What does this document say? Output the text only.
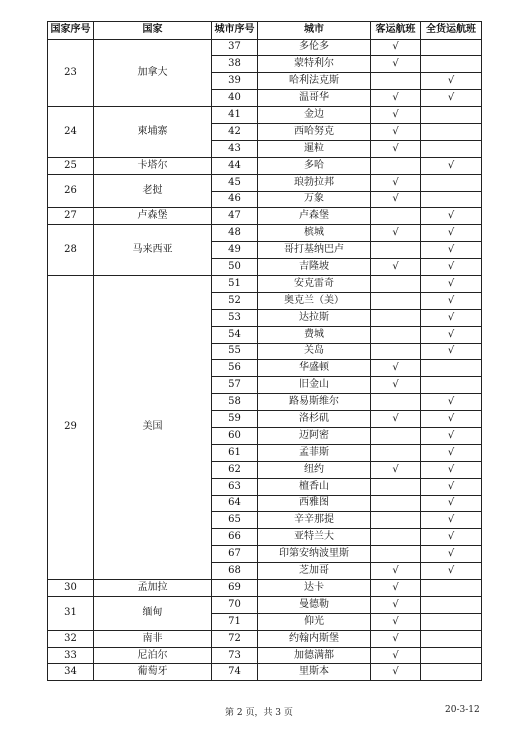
国家序号	国家	城市序号	城市	客运航班	全货运航班
23	加拿大	37	多伦多	√	
		38	蒙特利尔	√	
		39	哈利法克斯		√
		40	温哥华	√	√
24	柬埔寨	41	金边	√	
		42	西哈努克	√	
		43	暹粒	√	
25	卡塔尔	44	多哈		√
26	老挝	45	琅勃拉邦	√	
		46	万象	√	
27	卢森堡	47	卢森堡		√
28	马来西亚	48	槟城	√	√
		49	哥打基纳巴卢		√
		50	吉隆坡	√	√
29	美国	51	安克雷奇		√
		52	奥克兰（美）		√
		53	达拉斯		√
		54	费城		√
		55	关岛		√
		56	华盛顿	√	
		57	旧金山	√	
		58	路易斯维尔		√
		59	洛杉矶	√	√
		60	迈阿密		√
		61	孟菲斯		√
		62	纽约	√	√
		63	檀香山		√
		64	西雅图		√
		65	辛辛那提		√
		66	亚特兰大		√
		67	印第安纳波里斯		√
		68	芝加哥	√	√
30	孟加拉	69	达卡	√	
31	缅甸	70	曼德勒	√	
		71	仰光	√	
32	南非	72	约翰内斯堡	√	
33	尼泊尔	73	加德满都	√	
34	葡萄牙	74	里斯本	√	
第 2 页，共 3 页	20-3-12
